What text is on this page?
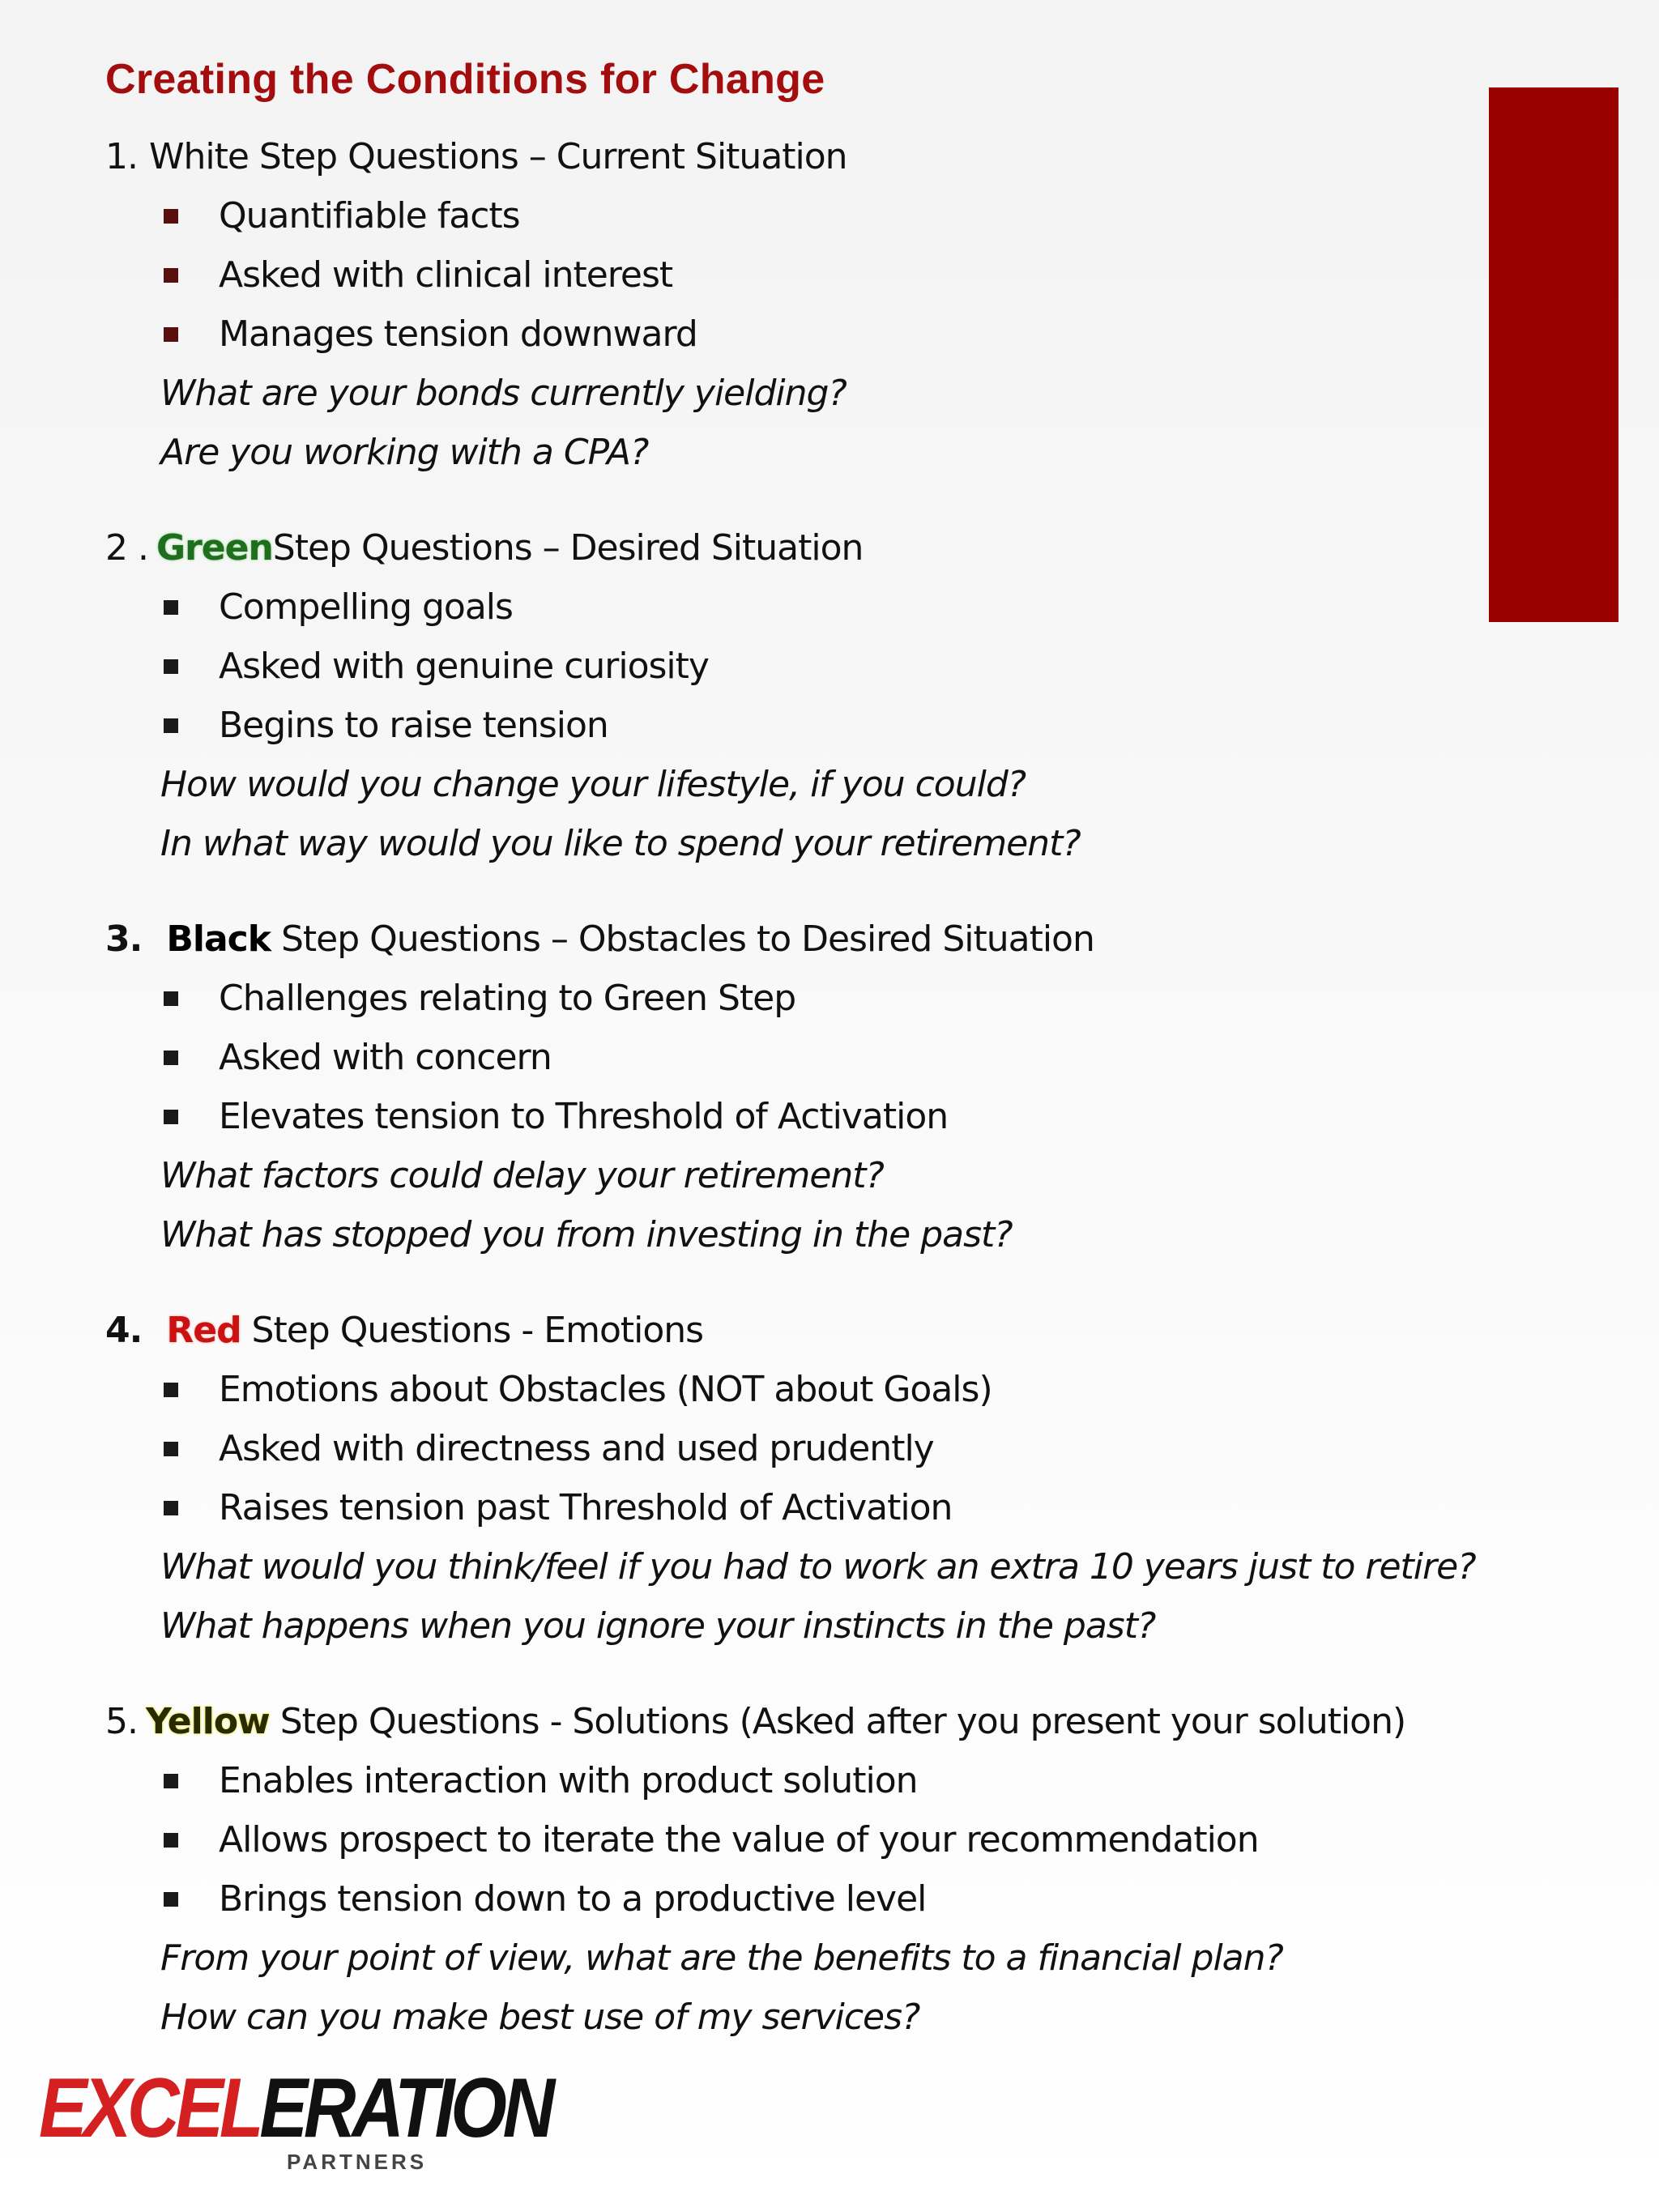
Creating the Conditions for Change
1. White Step Questions – Current Situation
Quantifiable facts
Asked with clinical interest
Manages tension downward
What are your bonds currently yielding?
Are you working with a CPA?
2 . GreenStep Questions – Desired Situation
Compelling goals
Asked with genuine curiosity
Begins to raise tension
How would you change your lifestyle, if you could?
In what way would you like to spend your retirement?
3. Black Step Questions – Obstacles to Desired Situation
Challenges relating to Green Step
Asked with concern
Elevates tension to Threshold of Activation
What factors could delay your retirement?
What has stopped you from investing in the past?
4. Red Step Questions - Emotions
Emotions about Obstacles (NOT about Goals)
Asked with directness and used prudently
Raises tension past Threshold of Activation
What would you think/feel if you had to work an extra 10 years just to retire?
What happens when you ignore your instincts in the past?
5. Yellow Step Questions - Solutions (Asked after you present your solution)
Enables interaction with product solution
Allows prospect to iterate the value of your recommendation
Brings tension down to a productive level
From your point of view, what are the benefits to a financial plan?
How can you make best use of my services?
EXCELERATION
PARTNERS
